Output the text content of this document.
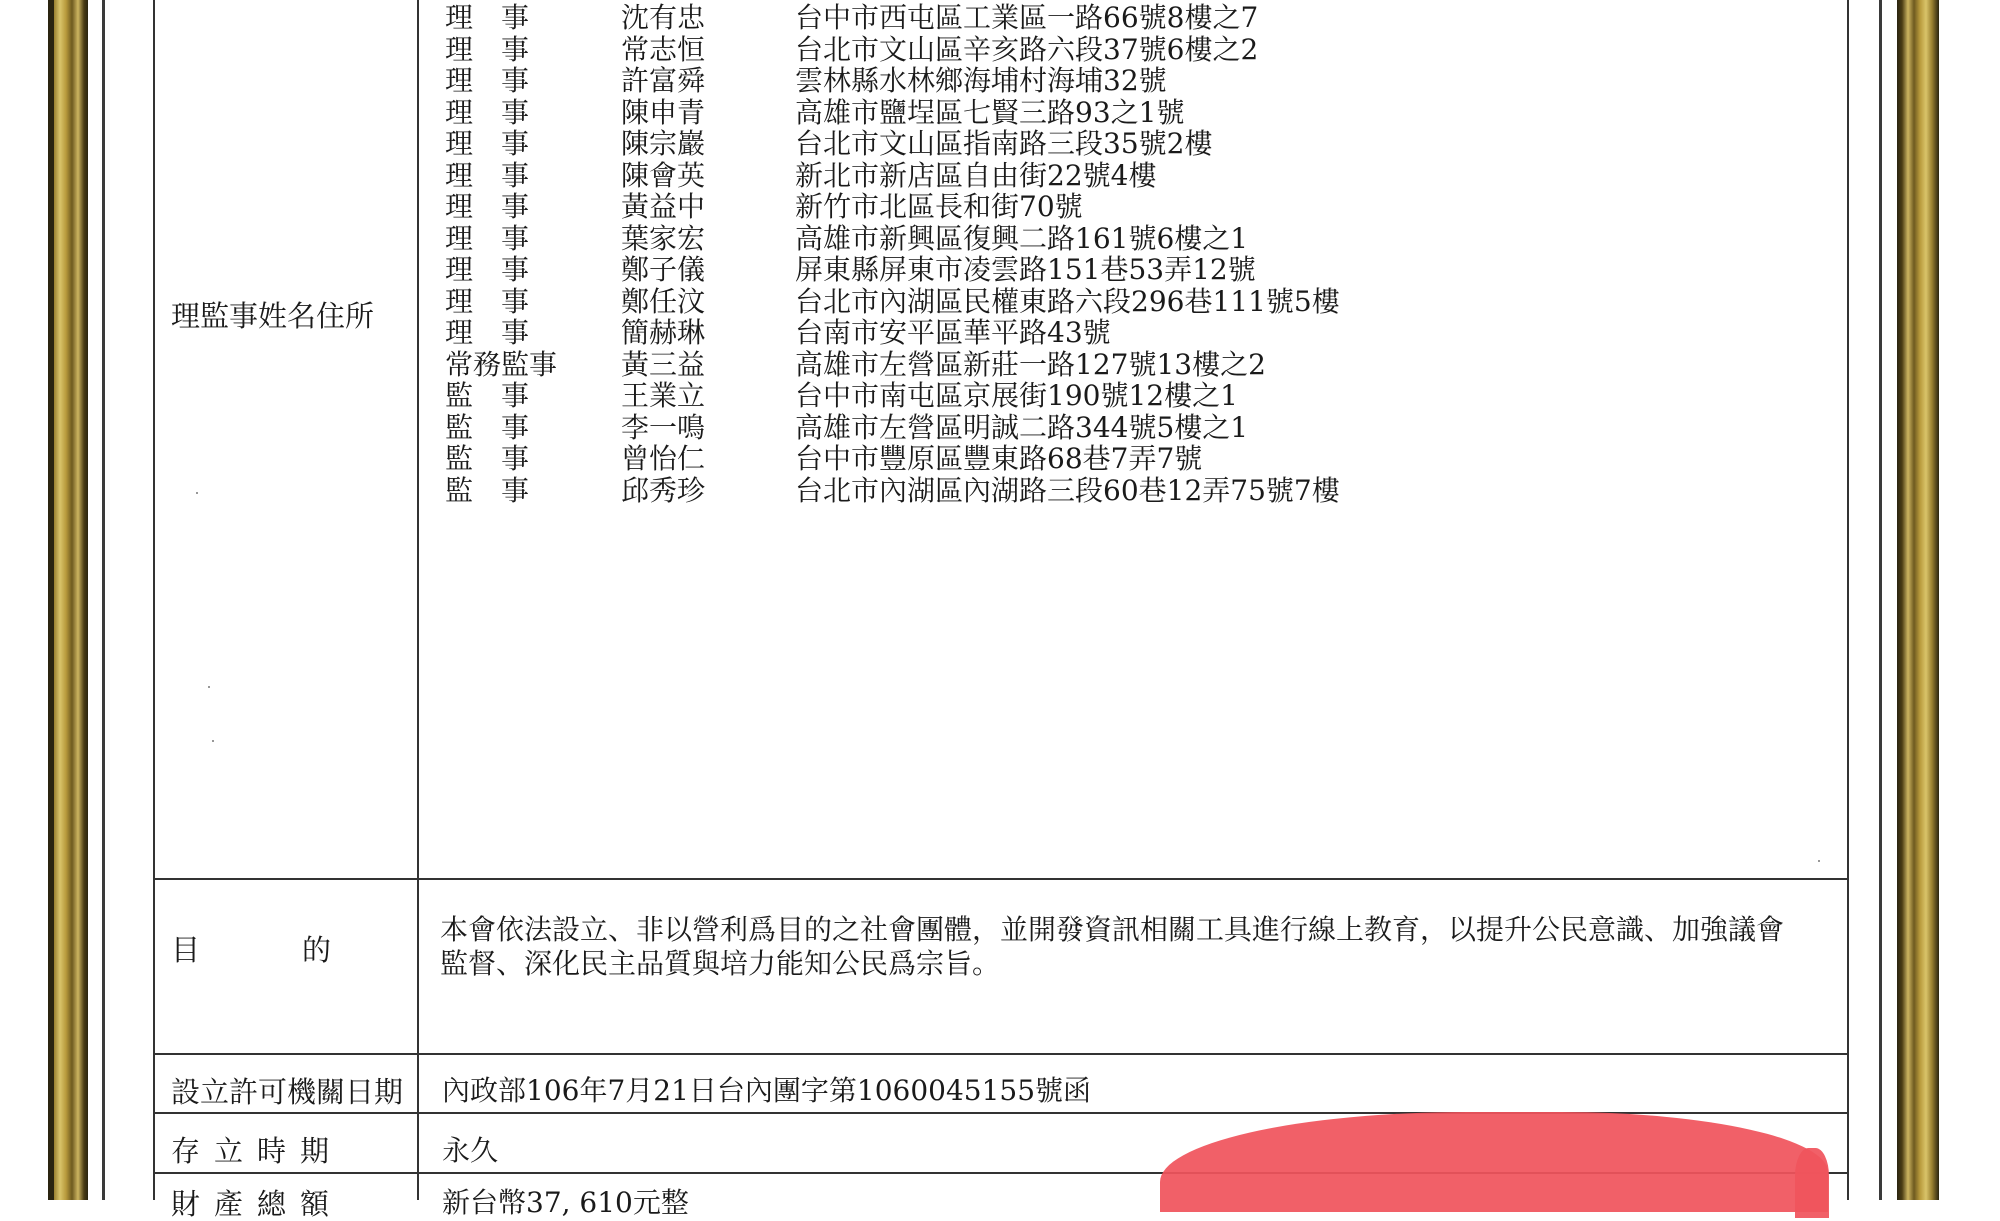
理監事姓名住所
理　事	沈有忠	台中市西屯區工業區一路66號8樓之7
理　事	常志恒	台北市文山區辛亥路六段37號6樓之2
理　事	許富舜	雲林縣水林鄉海埔村海埔32號
理　事	陳申青	高雄市鹽埕區七賢三路93之1號
理　事	陳宗巖	台北市文山區指南路三段35號2樓
理　事	陳會英	新北市新店區自由街22號4樓
理　事	黃益中	新竹市北區長和街70號
理　事	葉家宏	高雄市新興區復興二路161號6樓之1
理　事	鄭子儀	屏東縣屏東市凌雲路151巷53弄12號
理　事	鄭任汶	台北市內湖區民權東路六段296巷111號5樓
理　事	簡赫琳	台南市安平區華平路43號
常務監事	黃三益	高雄市左營區新莊一路127號13樓之2
監　事	王業立	台中市南屯區京展街190號12樓之1
監　事	李一鳴	高雄市左營區明誠二路344號5樓之1
監　事	曾怡仁	台中市豐原區豐東路68巷7弄7號
監　事	邱秀珍	台北市內湖區內湖路三段60巷12弄75號7樓
目	的
本會依法設立、非以營利爲目的之社會團體，並開發資訊相關工具進行線上教育，以提升公民意識、加強議會
監督、深化民主品質與培力能知公民爲宗旨。
設立許可機關日期 內政部106年7月21日台內團字第1060045155號函
存立時期	永久
財產總額	新台幣37, 610元整
